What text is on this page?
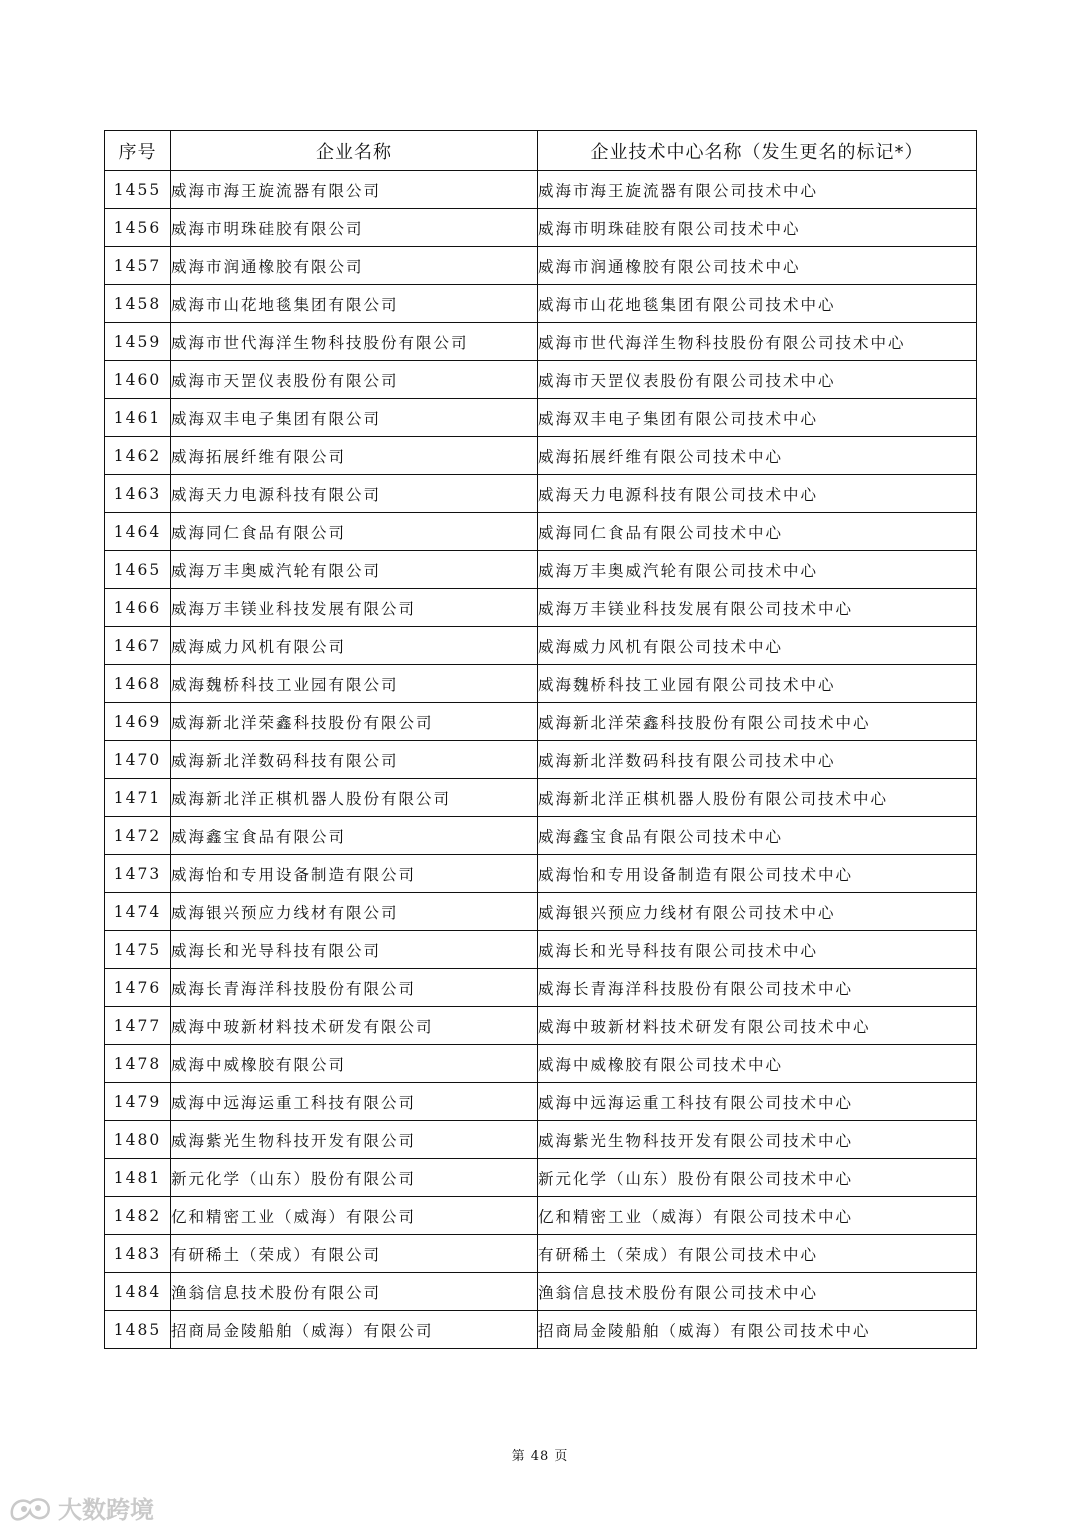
序号	企业名称	企业技术中心名称（发生更名的标记*）
1455	威海市海王旋流器有限公司	威海市海王旋流器有限公司技术中心
1456	威海市明珠硅胶有限公司	威海市明珠硅胶有限公司技术中心
1457	威海市润通橡胶有限公司	威海市润通橡胶有限公司技术中心
1458	威海市山花地毯集团有限公司	威海市山花地毯集团有限公司技术中心
1459	威海市世代海洋生物科技股份有限公司	威海市世代海洋生物科技股份有限公司技术中心
1460	威海市天罡仪表股份有限公司	威海市天罡仪表股份有限公司技术中心
1461	威海双丰电子集团有限公司	威海双丰电子集团有限公司技术中心
1462	威海拓展纤维有限公司	威海拓展纤维有限公司技术中心
1463	威海天力电源科技有限公司	威海天力电源科技有限公司技术中心
1464	威海同仁食品有限公司	威海同仁食品有限公司技术中心
1465	威海万丰奥威汽轮有限公司	威海万丰奥威汽轮有限公司技术中心
1466	威海万丰镁业科技发展有限公司	威海万丰镁业科技发展有限公司技术中心
1467	威海威力风机有限公司	威海威力风机有限公司技术中心
1468	威海魏桥科技工业园有限公司	威海魏桥科技工业园有限公司技术中心
1469	威海新北洋荣鑫科技股份有限公司	威海新北洋荣鑫科技股份有限公司技术中心
1470	威海新北洋数码科技有限公司	威海新北洋数码科技有限公司技术中心
1471	威海新北洋正棋机器人股份有限公司	威海新北洋正棋机器人股份有限公司技术中心
1472	威海鑫宝食品有限公司	威海鑫宝食品有限公司技术中心
1473	威海怡和专用设备制造有限公司	威海怡和专用设备制造有限公司技术中心
1474	威海银兴预应力线材有限公司	威海银兴预应力线材有限公司技术中心
1475	威海长和光导科技有限公司	威海长和光导科技有限公司技术中心
1476	威海长青海洋科技股份有限公司	威海长青海洋科技股份有限公司技术中心
1477	威海中玻新材料技术研发有限公司	威海中玻新材料技术研发有限公司技术中心
1478	威海中威橡胶有限公司	威海中威橡胶有限公司技术中心
1479	威海中远海运重工科技有限公司	威海中远海运重工科技有限公司技术中心
1480	威海紫光生物科技开发有限公司	威海紫光生物科技开发有限公司技术中心
1481	新元化学（山东）股份有限公司	新元化学（山东）股份有限公司技术中心
1482	亿和精密工业（威海）有限公司	亿和精密工业（威海）有限公司技术中心
1483	有研稀土（荣成）有限公司	有研稀土（荣成）有限公司技术中心
1484	渔翁信息技术股份有限公司	渔翁信息技术股份有限公司技术中心
1485	招商局金陵船舶（威海）有限公司	招商局金陵船舶（威海）有限公司技术中心
第 48 页
大数跨境
